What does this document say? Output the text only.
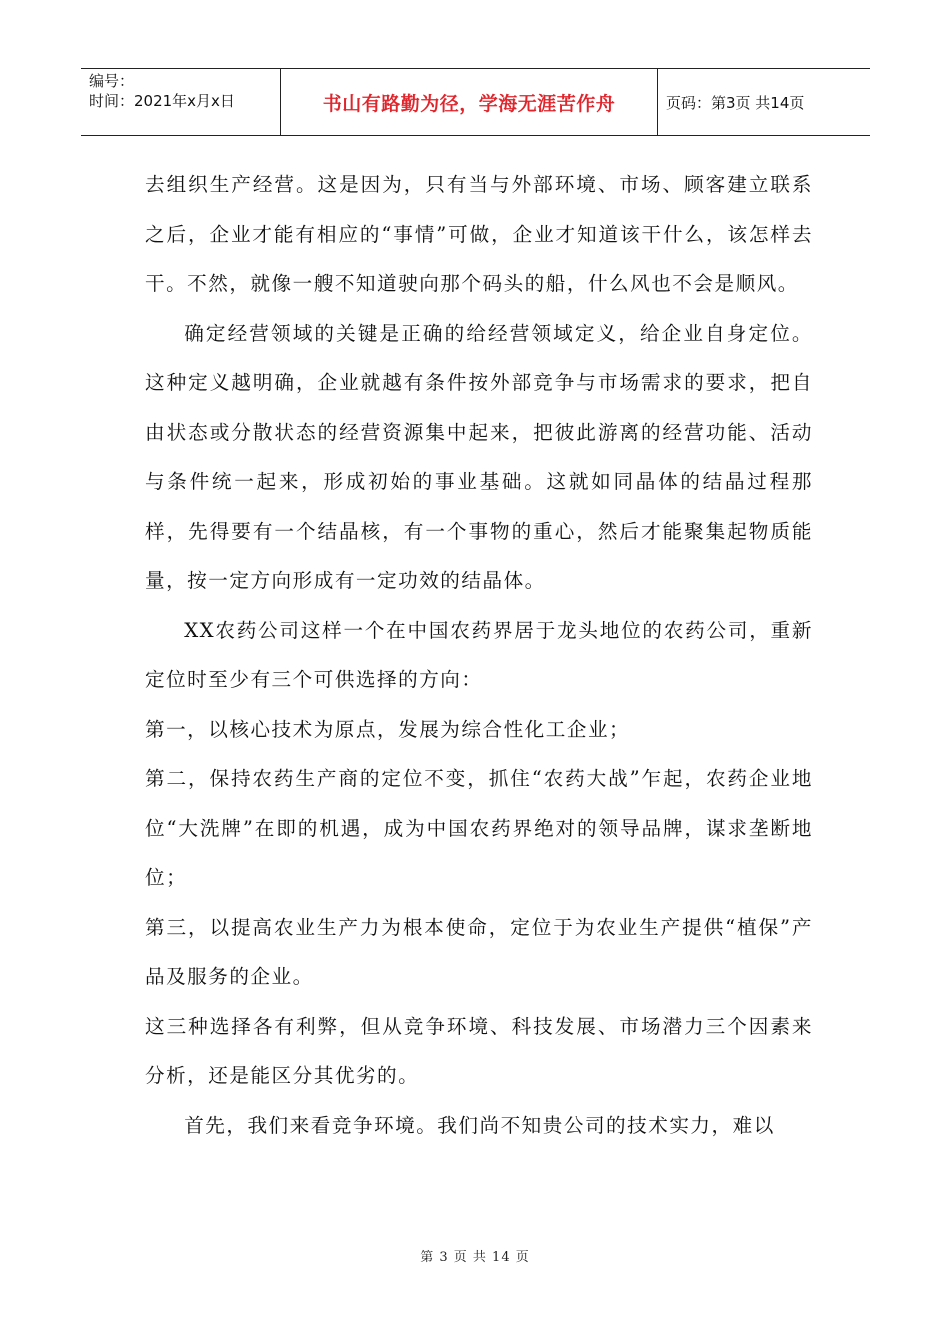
编号：
时间：2021年x月x日	书山有路勤为径，学海无涯苦作舟	页码：第3页 共14页

去组织生产经营。这是因为，只有当与外部环境、市场、顾客建立联系之后，企业才能有相应的“事情”可做，企业才知道该干什么，该怎样去干。不然，就像一艘不知道驶向那个码头的船，什么风也不会是顺风。

确定经营领域的关键是正确的给经营领域定义，给企业自身定位。这种定义越明确，企业就越有条件按外部竞争与市场需求的要求，把自由状态或分散状态的经营资源集中起来，把彼此游离的经营功能、活动与条件统一起来，形成初始的事业基础。这就如同晶体的结晶过程那样，先得要有一个结晶核，有一个事物的重心，然后才能聚集起物质能量，按一定方向形成有一定功效的结晶体。

XX农药公司这样一个在中国农药界居于龙头地位的农药公司，重新定位时至少有三个可供选择的方向：

第一，以核心技术为原点，发展为综合性化工企业；

第二，保持农药生产商的定位不变，抓住“农药大战”乍起，农药企业地位“大洗牌”在即的机遇，成为中国农药界绝对的领导品牌，谋求垄断地位；

第三，以提高农业生产力为根本使命，定位于为农业生产提供“植保”产品及服务的企业。

这三种选择各有利弊，但从竞争环境、科技发展、市场潜力三个因素来分析，还是能区分其优劣的。

首先，我们来看竞争环境。我们尚不知贵公司的技术实力，难以

第 3 页 共 14 页
